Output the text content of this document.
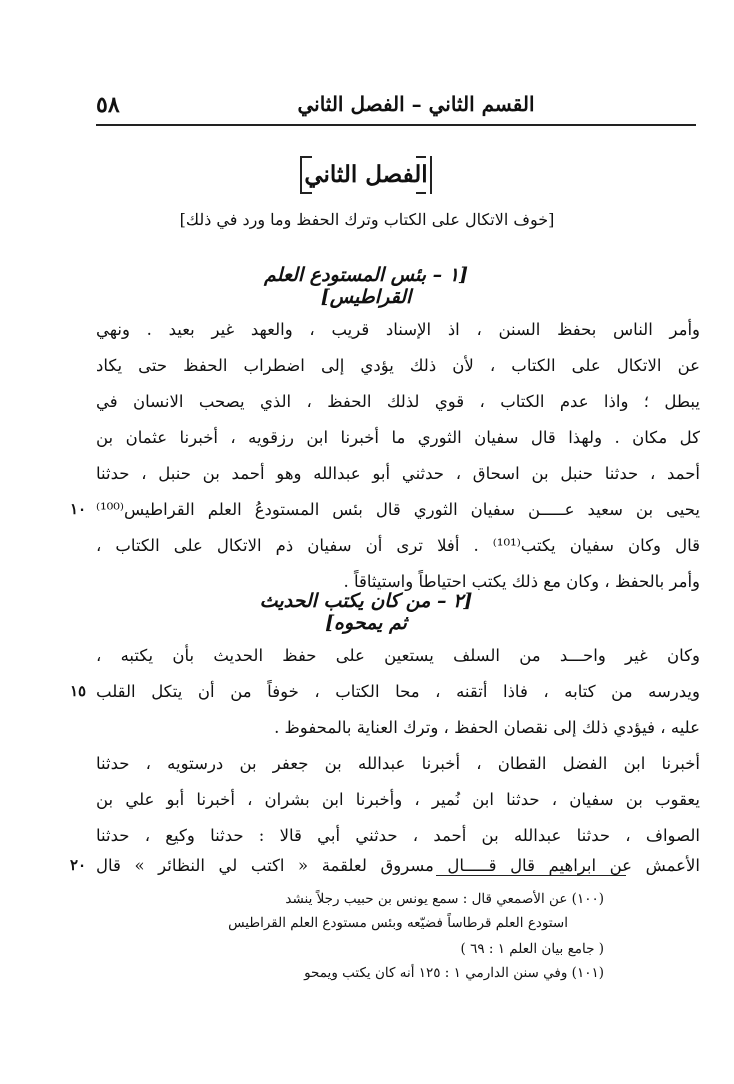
٥٨	القسم الثاني – الفصل الثاني
الفصل الثاني
[خوف الاتكال على الكتاب وترك الحفظ وما ورد في ذلك]
[١ – بئس المستودع العلم القراطيس]
وأمر الناس بحفظ السنن ، اذ الإسناد قريب ، والعهد غير بعيد . ونهي
عن الاتكال على الكتاب ، لأن ذلك يؤدي إلى اضطراب الحفظ حتى يكاد
يبطل ؛ واذا عدم الكتاب ، قوي لذلك الحفظ ، الذي يصحب الانسان في
كل مكان . ولهذا قال سفيان الثوري ما أخبرنا ابن رزقويه ، أخبرنا عثمان بن
أحمد ، حدثنا حنبل بن اسحاق ، حدثني أبو عبدالله وهو أحمد بن حنبل ، حدثنا
يحيى بن سعيد عـــــن سفيان الثوري قال بئس المستودعُ العلم القراطيس⁽¹⁰⁰⁾
١٠
قال وكان سفيان يكتب⁽¹⁰¹⁾ . أفلا ترى أن سفيان ذم الاتكال على الكتاب ،
وأمر بالحفظ ، وكان مع ذلك يكتب احتياطاً واستيثاقاً .
[٢ – من كان يكتب الحديث ثم يمحوه]
وكان غير واحـــد من السلف يستعين على حفظ الحديث بأن يكتبه ،
ويدرسه من كتابه ، فاذا أتقنه ، محا الكتاب ، خوفاً من أن يتكل القلب
١٥
عليه ، فيؤدي ذلك إلى نقصان الحفظ ، وترك العناية بالمحفوظ .
أخبرنا ابن الفضل القطان ، أخبرنا عبدالله بن جعفر بن درستويه ، حدثنا
يعقوب بن سفيان ، حدثنا ابن نُمير ، وأخبرنا ابن بشران ، أخبرنا أبو علي بن
الصواف ، حدثنا عبدالله بن أحمد ، حدثني أبي قالا : حدثنا وكيع ، حدثنا
الأعمش عن ابراهيم قال قـــــال مسروق لعلقمة « اكتب لي النظائر » قال
٢٠
(١٠٠) عن الأصمعي قال : سمع يونس بن حبيب رجلاً ينشد
استودع العلم قرطاساً فضيّعه وبئس مستودع العلم القراطيس
( جامع بيان العلم ١ : ٦٩ )
(١٠١) وفي سنن الدارمي ١ : ١٢٥ أنه كان يكتب ويمحو
